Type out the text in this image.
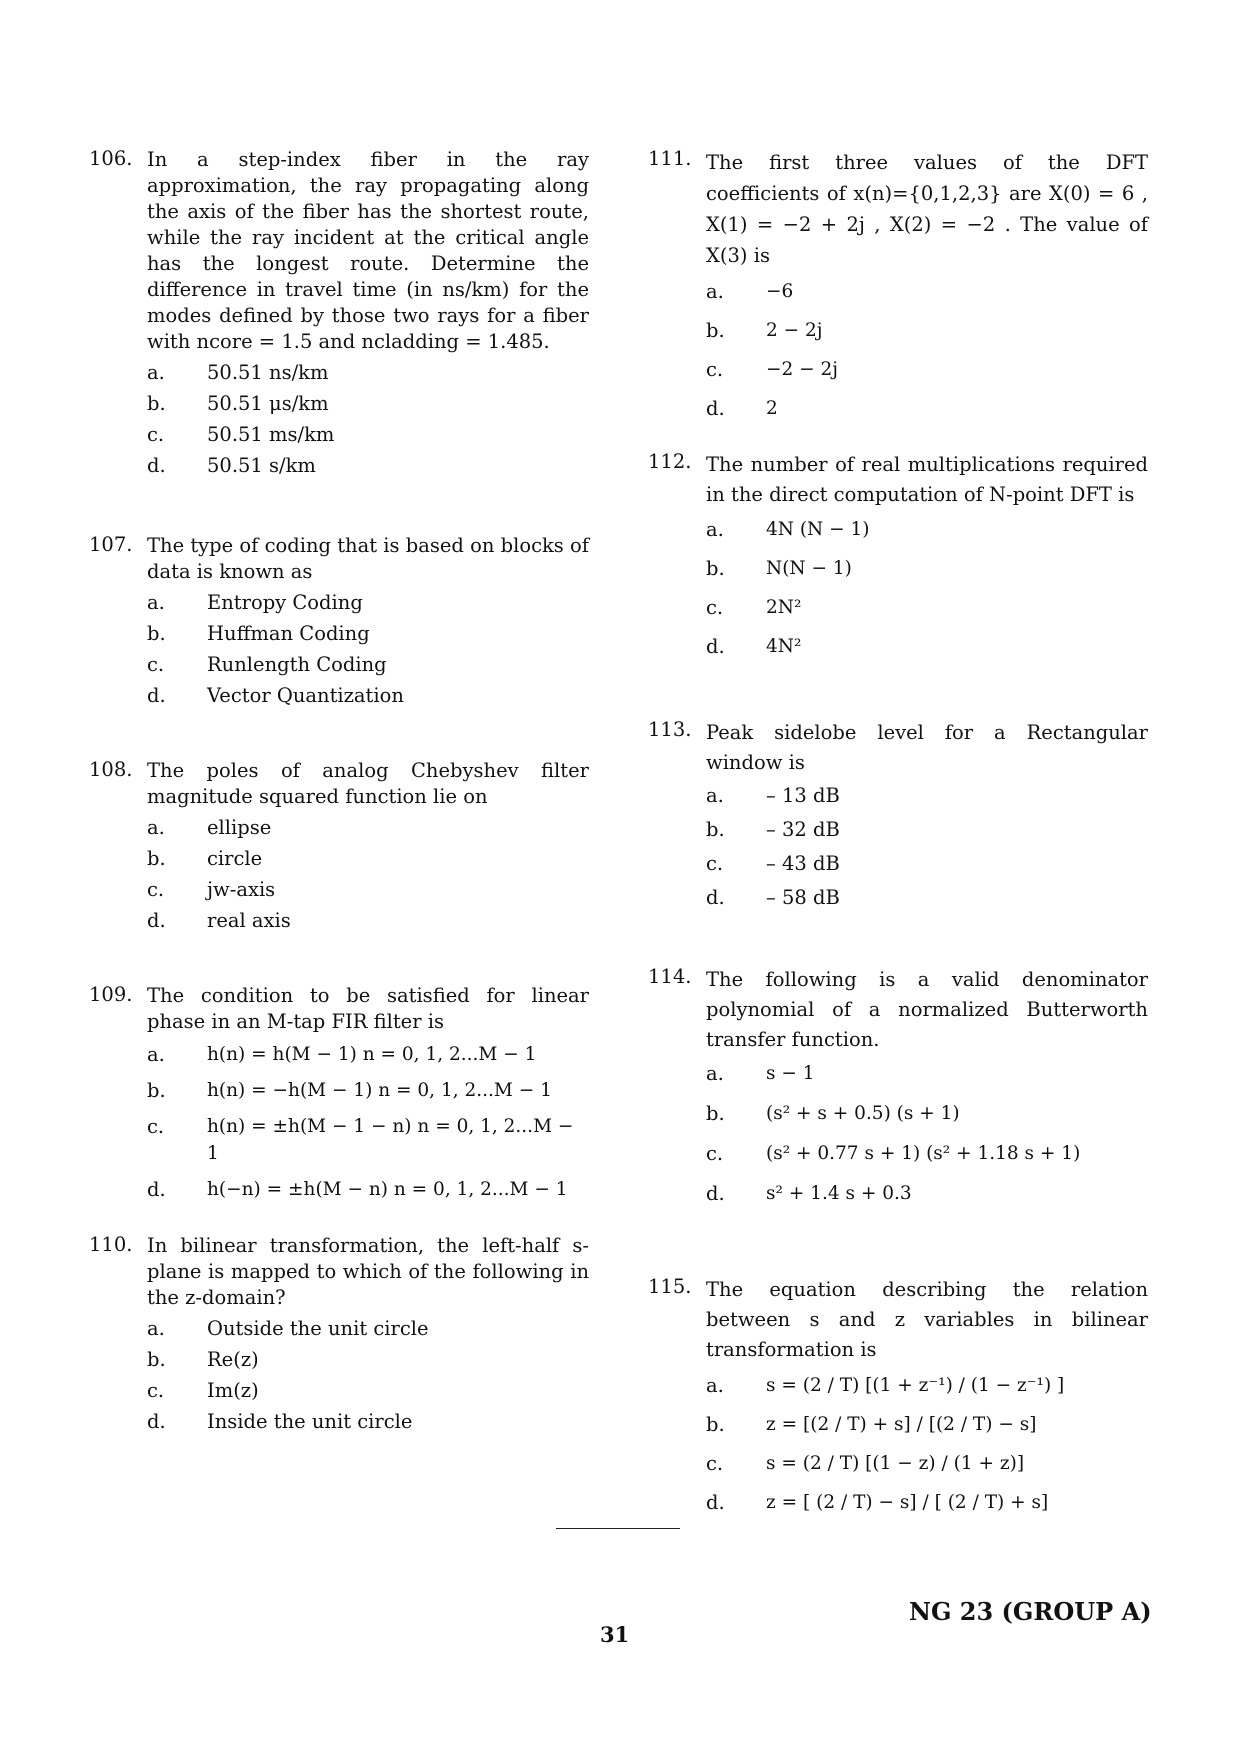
106. In a step-index fiber in the ray approximation, the ray propagating along the axis of the fiber has the shortest route, while the ray incident at the critical angle has the longest route. Determine the difference in travel time (in ns/km) for the modes defined by those two rays for a fiber with ncore = 1.5 and ncladding = 1.485.
a.	50.51 ns/km
b.	50.51 μs/km
c.	50.51 ms/km
d.	50.51 s/km
107. The type of coding that is based on blocks of data is known as
a.	Entropy Coding
b.	Huffman Coding
c.	Runlength Coding
d.	Vector Quantization
108. The poles of analog Chebyshev filter magnitude squared function lie on
a.	ellipse
b.	circle
c.	jw-axis
d.	real axis
109. The condition to be satisfied for linear phase in an M-tap FIR filter is
a.	h(n) = h(M − 1) n = 0, 1, 2...M − 1
b.	h(n) = −h(M − 1) n = 0, 1, 2...M − 1
c.	h(n) = ±h(M − 1 − n) n = 0, 1, 2...M − 1
d.	h(−n) = ±h(M − n) n = 0, 1, 2...M − 1
110. In bilinear transformation, the left-half s-plane is mapped to which of the following in the z-domain?
a.	Outside the unit circle
b.	Re(z)
c.	Im(z)
d.	Inside the unit circle
111. The first three values of the DFT coefficients of x(n)={0,1,2,3} are X(0) = 6 , X(1) = −2 + 2j , X(2) = −2 . The value of X(3) is
a.	−6
b.	2 − 2j
c.	−2 − 2j
d.	2
112. The number of real multiplications required in the direct computation of N-point DFT is
a.	4N (N − 1)
b.	N(N − 1)
c.	2N²
d.	4N²
113. Peak sidelobe level for a Rectangular window is
a.	– 13 dB
b.	– 32 dB
c.	– 43 dB
d.	– 58 dB
114. The following is a valid denominator polynomial of a normalized Butterworth transfer function.
a.	s − 1
b.	(s² + s + 0.5) (s + 1)
c.	(s² + 0.77 s + 1) (s² + 1.18 s + 1)
d.	s² + 1.4 s + 0.3
115. The equation describing the relation between s and z variables in bilinear transformation is
a.	s = (2 / T) [(1 + z⁻¹) / (1 − z⁻¹) ]
b.	z = [(2 / T) + s] / [(2 / T) − s]
c.	s = (2 / T) [(1 − z) / (1 + z)]
d.	z = [ (2 / T) − s] / [ (2 / T) + s]
31
NG 23 (GROUP A)
